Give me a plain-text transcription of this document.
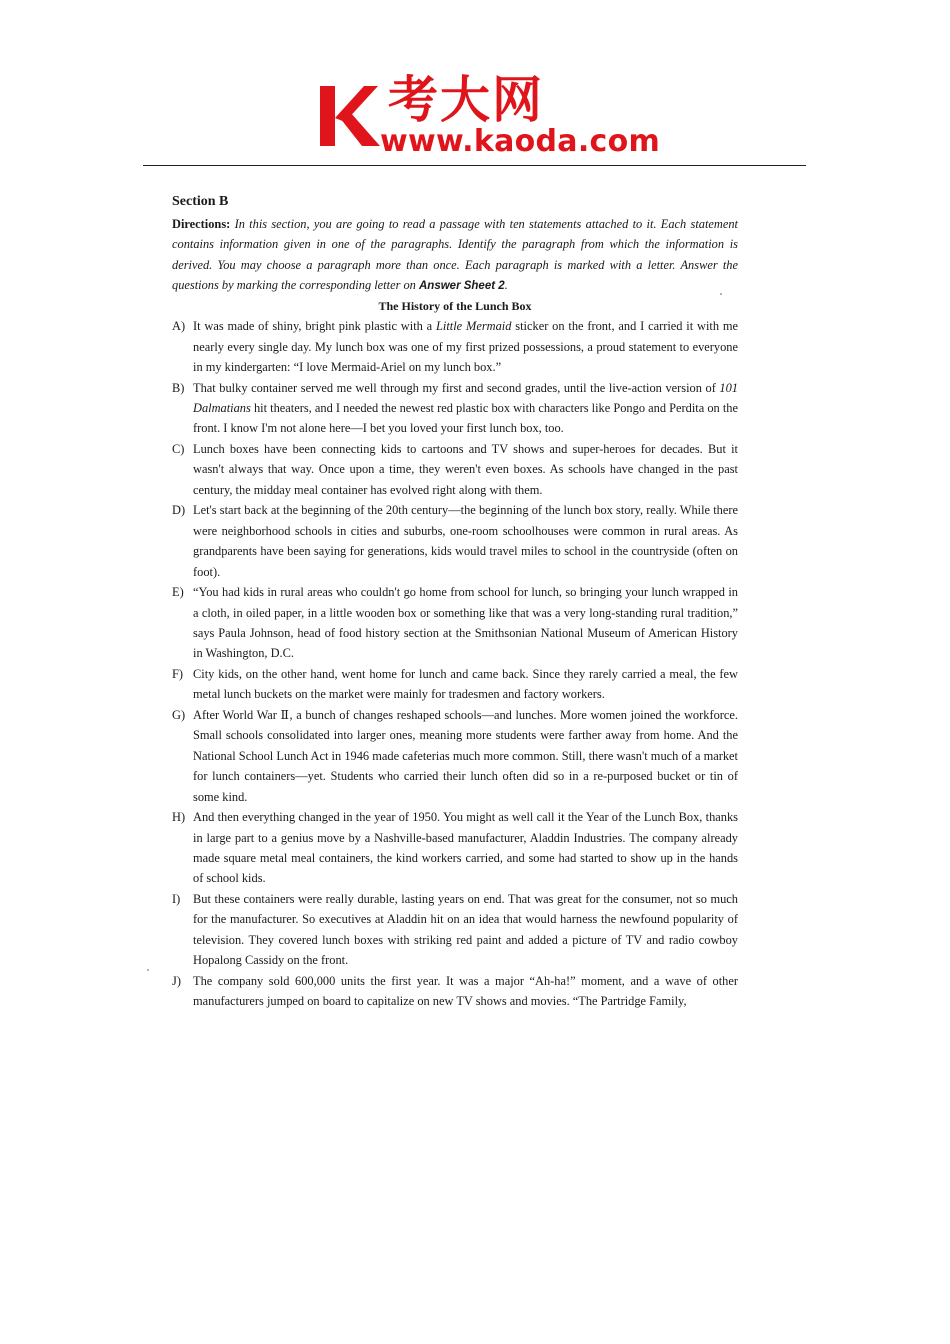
考大网
www.kaoda.com
Section B

Directions: In this section, you are going to read a passage with ten statements attached to it. Each statement contains information given in one of the paragraphs. Identify the paragraph from which the information is derived. You may choose a paragraph more than once. Each paragraph is marked with a letter. Answer the questions by marking the corresponding letter on Answer Sheet 2.

The History of the Lunch Box

A) It was made of shiny, bright pink plastic with a Little Mermaid sticker on the front, and I carried it with me nearly every single day. My lunch box was one of my first prized possessions, a proud statement to everyone in my kindergarten: “I love Mermaid-Ariel on my lunch box.”

B) That bulky container served me well through my first and second grades, until the live-action version of 101 Dalmatians hit theaters, and I needed the newest red plastic box with characters like Pongo and Perdita on the front. I know I'm not alone here—I bet you loved your first lunch box, too.

C) Lunch boxes have been connecting kids to cartoons and TV shows and super-heroes for decades. But it wasn't always that way. Once upon a time, they weren't even boxes. As schools have changed in the past century, the midday meal container has evolved right along with them.

D) Let's start back at the beginning of the 20th century—the beginning of the lunch box story, really. While there were neighborhood schools in cities and suburbs, one-room schoolhouses were common in rural areas. As grandparents have been saying for generations, kids would travel miles to school in the countryside (often on foot).

E) “You had kids in rural areas who couldn't go home from school for lunch, so bringing your lunch wrapped in a cloth, in oiled paper, in a little wooden box or something like that was a very long-standing rural tradition,” says Paula Johnson, head of food history section at the Smithsonian National Museum of American History in Washington, D.C.

F) City kids, on the other hand, went home for lunch and came back. Since they rarely carried a meal, the few metal lunch buckets on the market were mainly for tradesmen and factory workers.

G) After World War Ⅱ, a bunch of changes reshaped schools—and lunches. More women joined the workforce. Small schools consolidated into larger ones, meaning more students were farther away from home. And the National School Lunch Act in 1946 made cafeterias much more common. Still, there wasn't much of a market for lunch containers—yet. Students who carried their lunch often did so in a re-purposed bucket or tin of some kind.

H) And then everything changed in the year of 1950. You might as well call it the Year of the Lunch Box, thanks in large part to a genius move by a Nashville-based manufacturer, Aladdin Industries. The company already made square metal meal containers, the kind workers carried, and some had started to show up in the hands of school kids.

I) But these containers were really durable, lasting years on end. That was great for the consumer, not so much for the manufacturer. So executives at Aladdin hit on an idea that would harness the newfound popularity of television. They covered lunch boxes with striking red paint and added a picture of TV and radio cowboy Hopalong Cassidy on the front.

J) The company sold 600,000 units the first year. It was a major “Ah-ha!” moment, and a wave of other manufacturers jumped on board to capitalize on new TV shows and movies. “The Partridge Family,
